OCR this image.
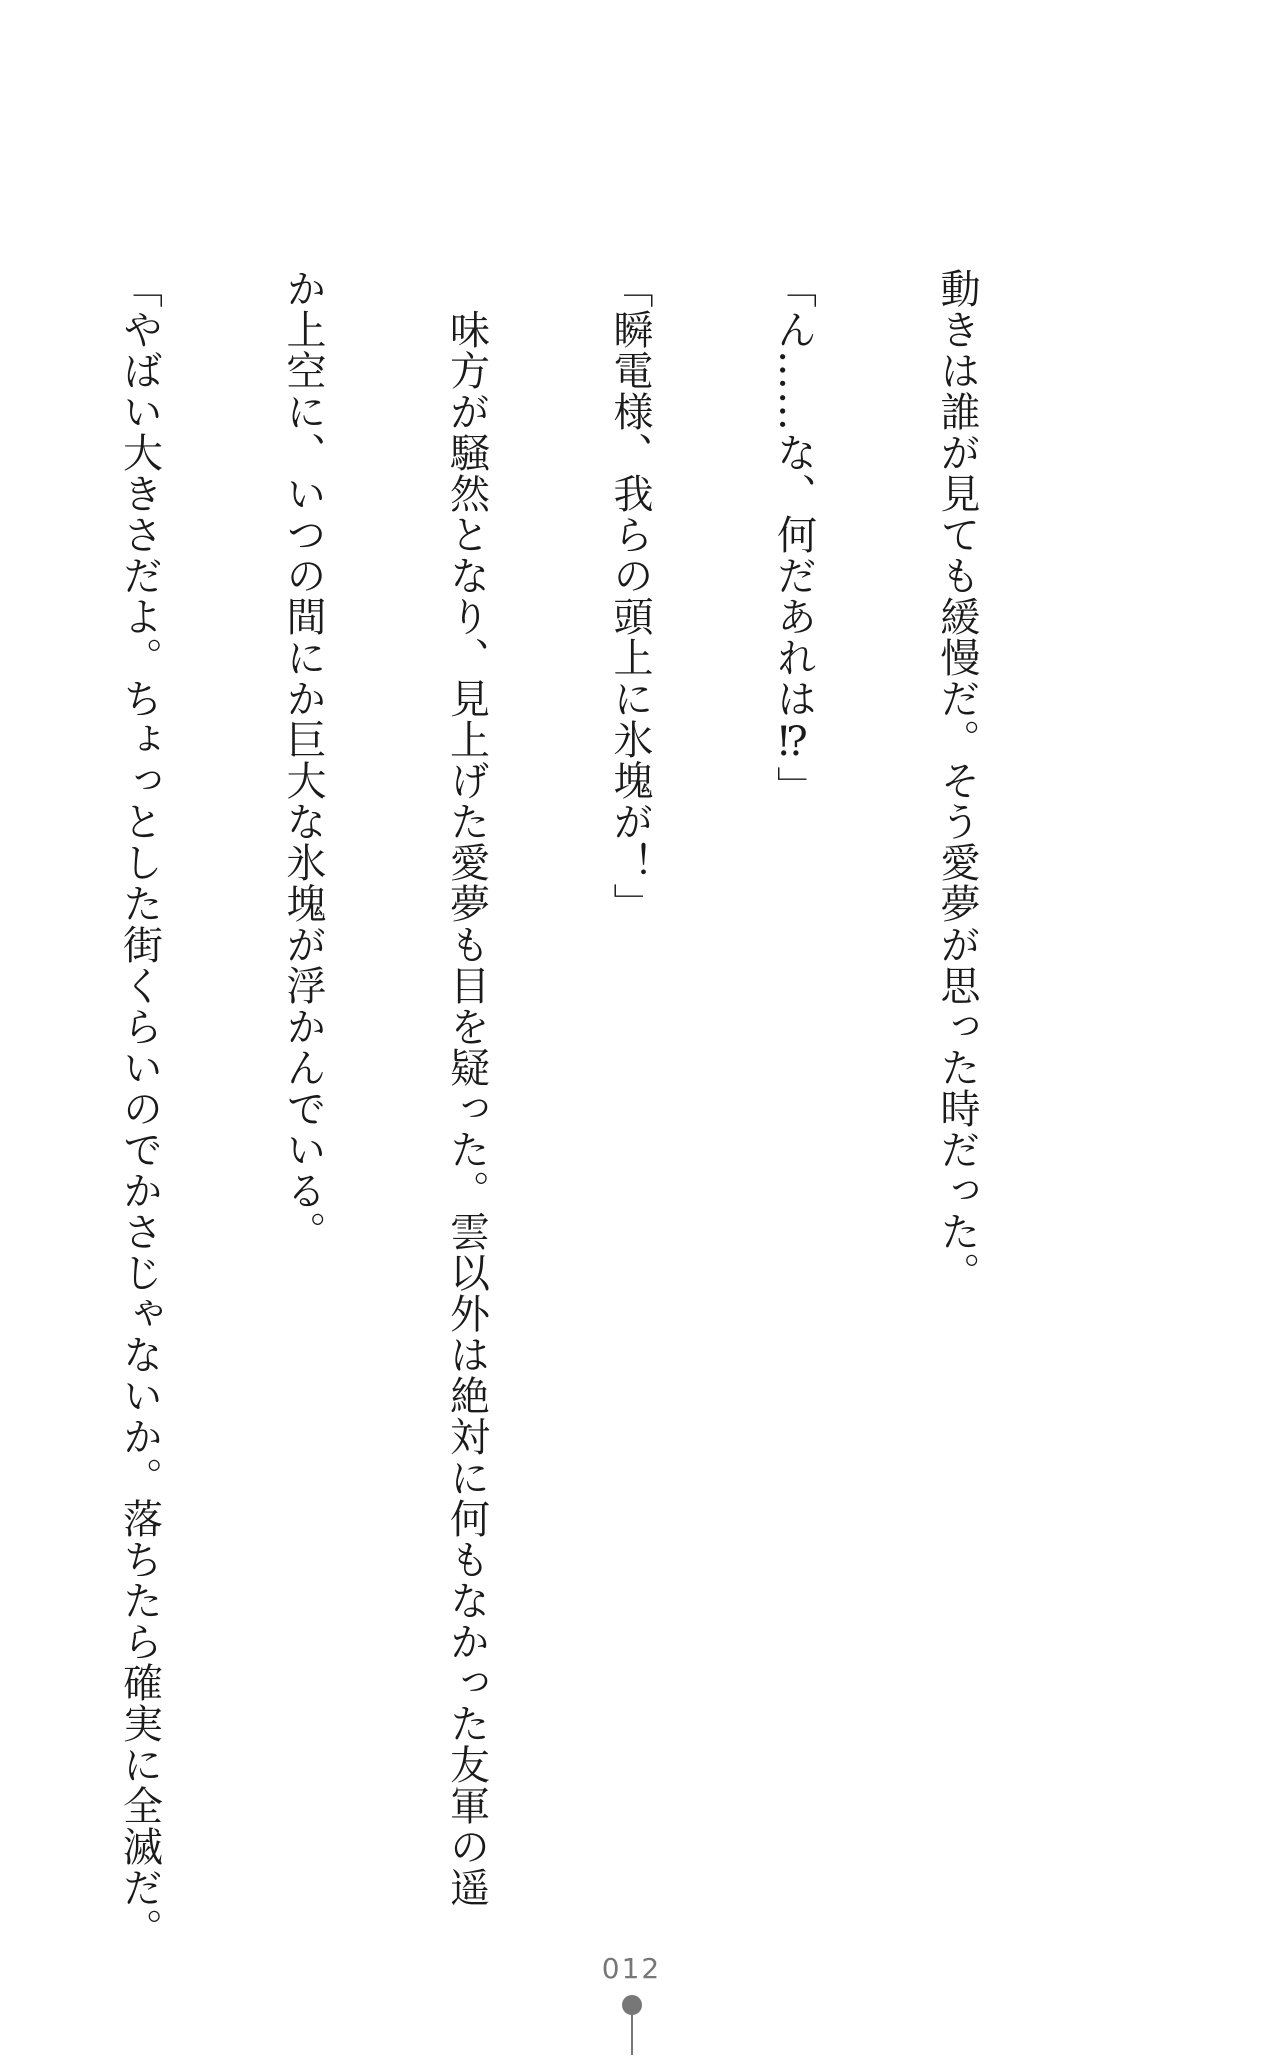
動きは誰が見ても緩慢だ。そう愛夢が思った時だった。

「ん……な、何だあれは⁉」

「瞬電様、我らの頭上に氷塊が！」

　味方が騒然となり、見上げた愛夢も目を疑った。雲以外は絶対に何もなかった友軍の遥

か上空に、いつの間にか巨大な氷塊が浮かんでいる。

「やばい大きさだよ。ちょっとした街くらいのでかさじゃないか。落ちたら確実に全滅だ。

012
